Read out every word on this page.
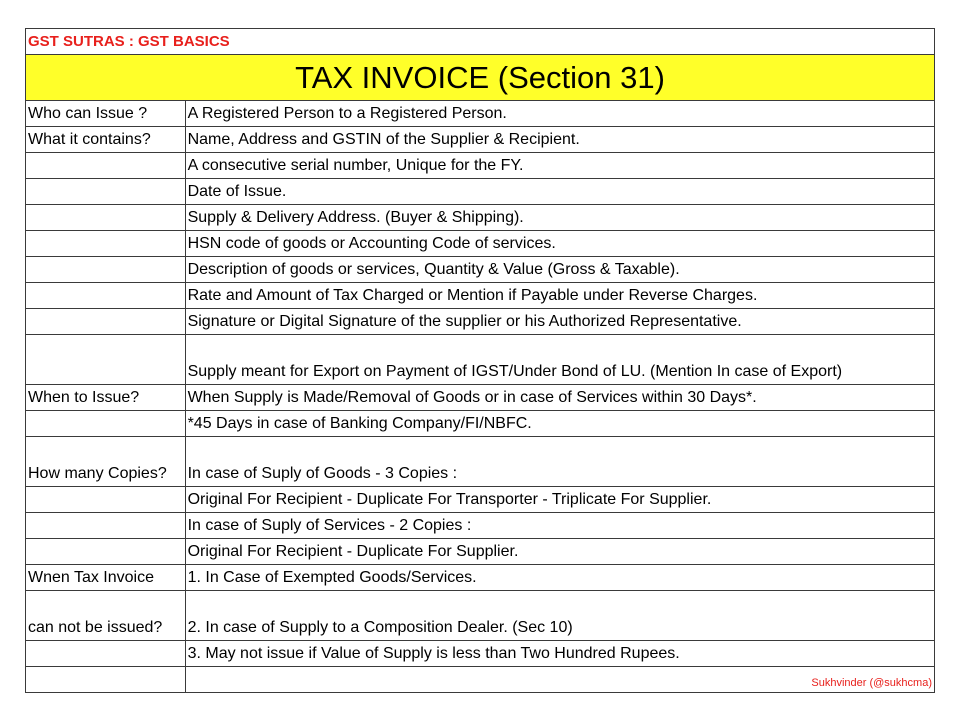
GST SUTRAS : GST BASICS	
TAX INVOICE (Section 31)	
Who can Issue ?	A Registered Person to a Registered Person.
What it contains?	Name, Address and GSTIN of the Supplier & Recipient.
	A consecutive serial number, Unique for the FY.
	Date of Issue.
	Supply & Delivery Address. (Buyer & Shipping).
	HSN code of goods or Accounting Code of services.
	Description of goods or services, Quantity & Value (Gross & Taxable).
	Rate and Amount of Tax Charged or Mention if Payable under Reverse Charges.
	Signature or Digital Signature of the supplier or his Authorized Representative.
	Supply meant for Export on Payment of IGST/Under Bond of LU. (Mention In case of Export)
When to Issue?	When Supply is Made/Removal of Goods or in case of Services within 30 Days*.
	*45 Days in case of Banking Company/FI/NBFC.
How many Copies?	In case of Suply of Goods - 3 Copies :
	Original For Recipient - Duplicate For Transporter - Triplicate For Supplier.
	In case of Suply of Services - 2 Copies :
	Original For Recipient - Duplicate For Supplier.
Wnen Tax Invoice	1. In Case of Exempted Goods/Services.
can not be issued?	2. In case of Supply to a Composition Dealer. (Sec 10)
	3. May not issue if Value of Supply is less than Two Hundred Rupees.
	Sukhvinder (@sukhcma)
